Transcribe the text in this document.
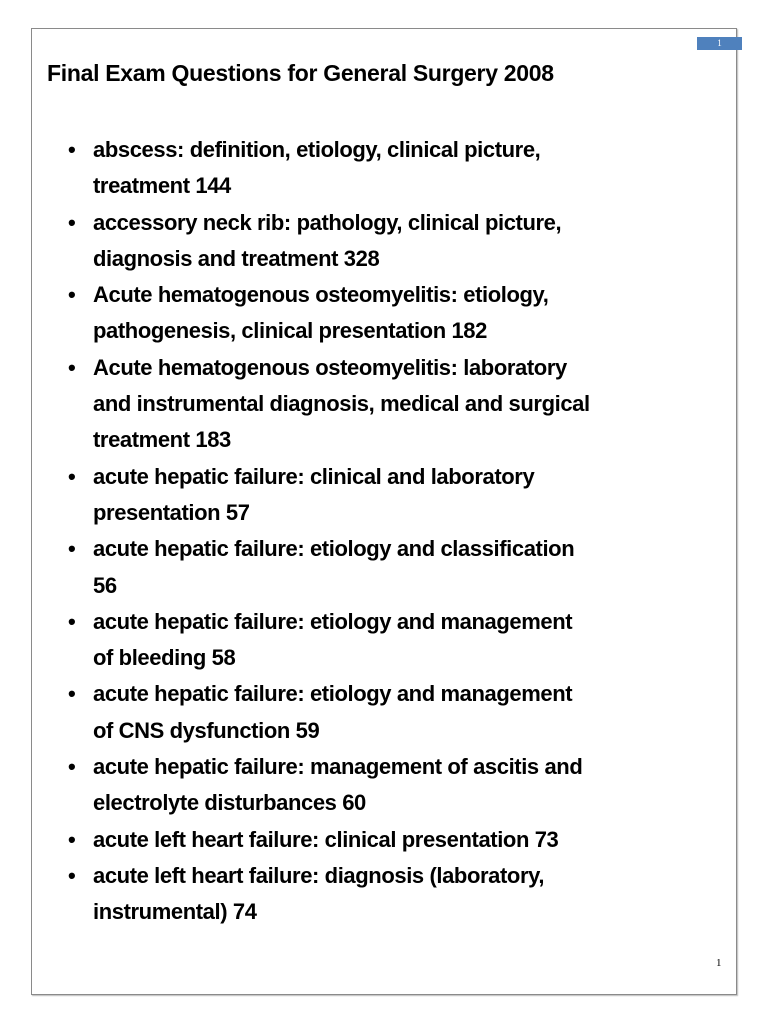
1
Final Exam Questions for General Surgery 2008
• abscess: definition, etiology, clinical picture,
treatment 144
• accessory neck rib: pathology, clinical picture,
diagnosis and treatment 328
• Acute hematogenous osteomyelitis: etiology,
pathogenesis, clinical presentation 182
• Acute hematogenous osteomyelitis: laboratory
and instrumental diagnosis, medical and surgical
treatment 183
• acute hepatic failure: clinical and laboratory
presentation 57
• acute hepatic failure: etiology and classification
56
• acute hepatic failure: etiology and management
of bleeding 58
• acute hepatic failure: etiology and management
of CNS dysfunction 59
• acute hepatic failure: management of ascitis and
electrolyte disturbances 60
• acute left heart failure: clinical presentation 73
• acute left heart failure: diagnosis (laboratory,
instrumental) 74
1
